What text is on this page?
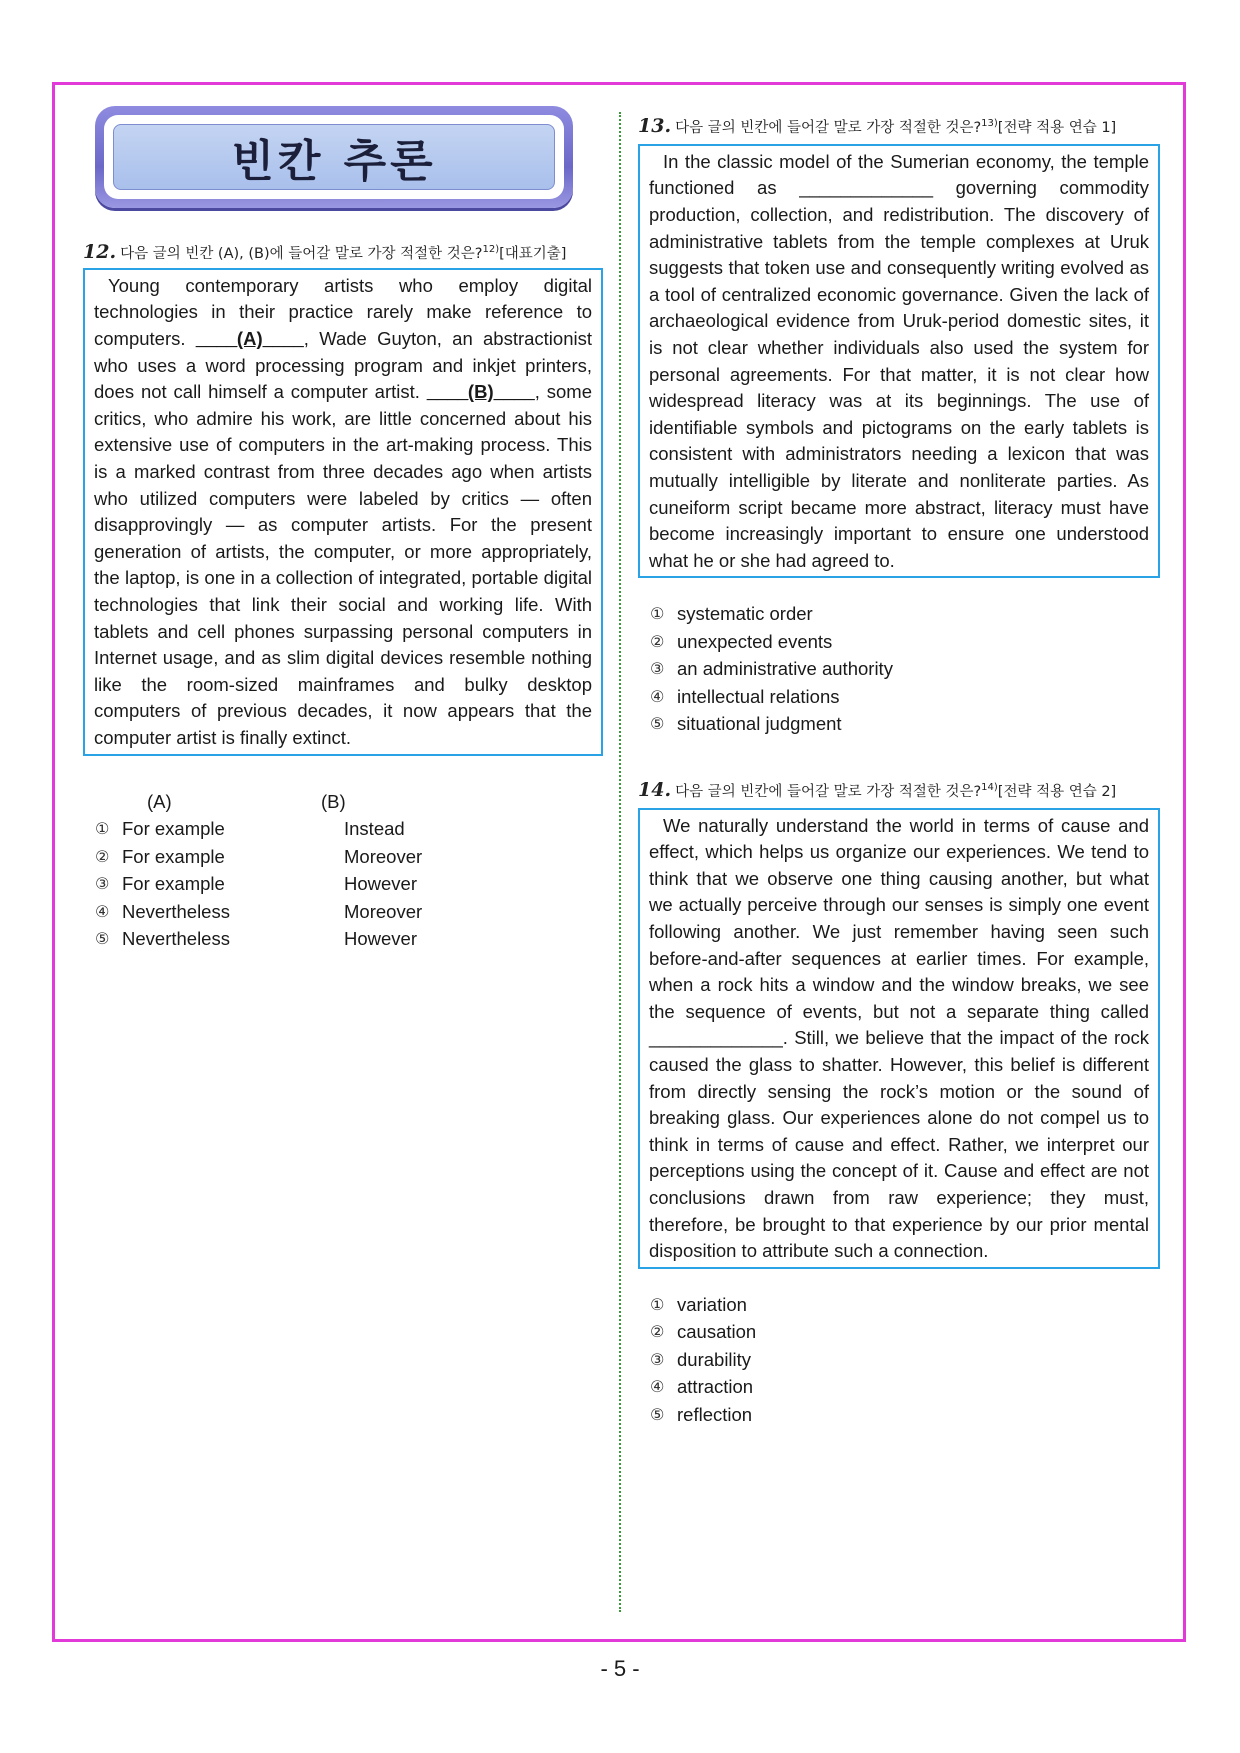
빈칸 추론
12. 다음 글의 빈칸 (A), (B)에 들어갈 말로 가장 적절한 것은?$^{12)}$[대표기출]
Young contemporary artists who employ digital technologies in their practice rarely make reference to computers. ____(A)____, Wade Guyton, an abstractionist who uses a word processing program and inkjet printers, does not call himself a computer artist. ____(B)____, some critics, who admire his work, are little concerned about his extensive use of computers in the art-making process. This is a marked contrast from three decades ago when artists who utilized computers were labeled by critics — often disapprovingly — as computer artists. For the present generation of artists, the computer, or more appropriately, the laptop, is one in a collection of integrated, portable digital technologies that link their social and working life. With tablets and cell phones surpassing personal computers in Internet usage, and as slim digital devices resemble nothing like the room-sized mainframes and bulky desktop computers of previous decades, it now appears that the computer artist is finally extinct.
(A)	(B)
① For example	Instead
② For example	Moreover
③ For example	However
④ Nevertheless	Moreover
⑤ Nevertheless	However
13. 다음 글의 빈칸에 들어갈 말로 가장 적절한 것은?$^{13)}$[전략 적용 연습 1]
In the classic model of the Sumerian economy, the temple functioned as _____________ governing commodity production, collection, and redistribution. The discovery of administrative tablets from the temple complexes at Uruk suggests that token use and consequently writing evolved as a tool of centralized economic governance. Given the lack of archaeological evidence from Uruk-period domestic sites, it is not clear whether individuals also used the system for personal agreements. For that matter, it is not clear how widespread literacy was at its beginnings. The use of identifiable symbols and pictograms on the early tablets is consistent with administrators needing a lexicon that was mutually intelligible by literate and nonliterate parties. As cuneiform script became more abstract, literacy must have become increasingly important to ensure one understood what he or she had agreed to.
① systematic order
② unexpected events
③ an administrative authority
④ intellectual relations
⑤ situational judgment
14. 다음 글의 빈칸에 들어갈 말로 가장 적절한 것은?$^{14)}$[전략 적용 연습 2]
We naturally understand the world in terms of cause and effect, which helps us organize our experiences. We tend to think that we observe one thing causing another, but what we actually perceive through our senses is simply one event following another. We just remember having seen such before-and-after sequences at earlier times. For example, when a rock hits a window and the window breaks, we see the sequence of events, but not a separate thing called _____________. Still, we believe that the impact of the rock caused the glass to shatter. However, this belief is different from directly sensing the rock’s motion or the sound of breaking glass. Our experiences alone do not compel us to think in terms of cause and effect. Rather, we interpret our perceptions using the concept of it. Cause and effect are not conclusions drawn from raw experience; they must, therefore, be brought to that experience by our prior mental disposition to attribute such a connection.
① variation
② causation
③ durability
④ attraction
⑤ reflection
- 5 -
